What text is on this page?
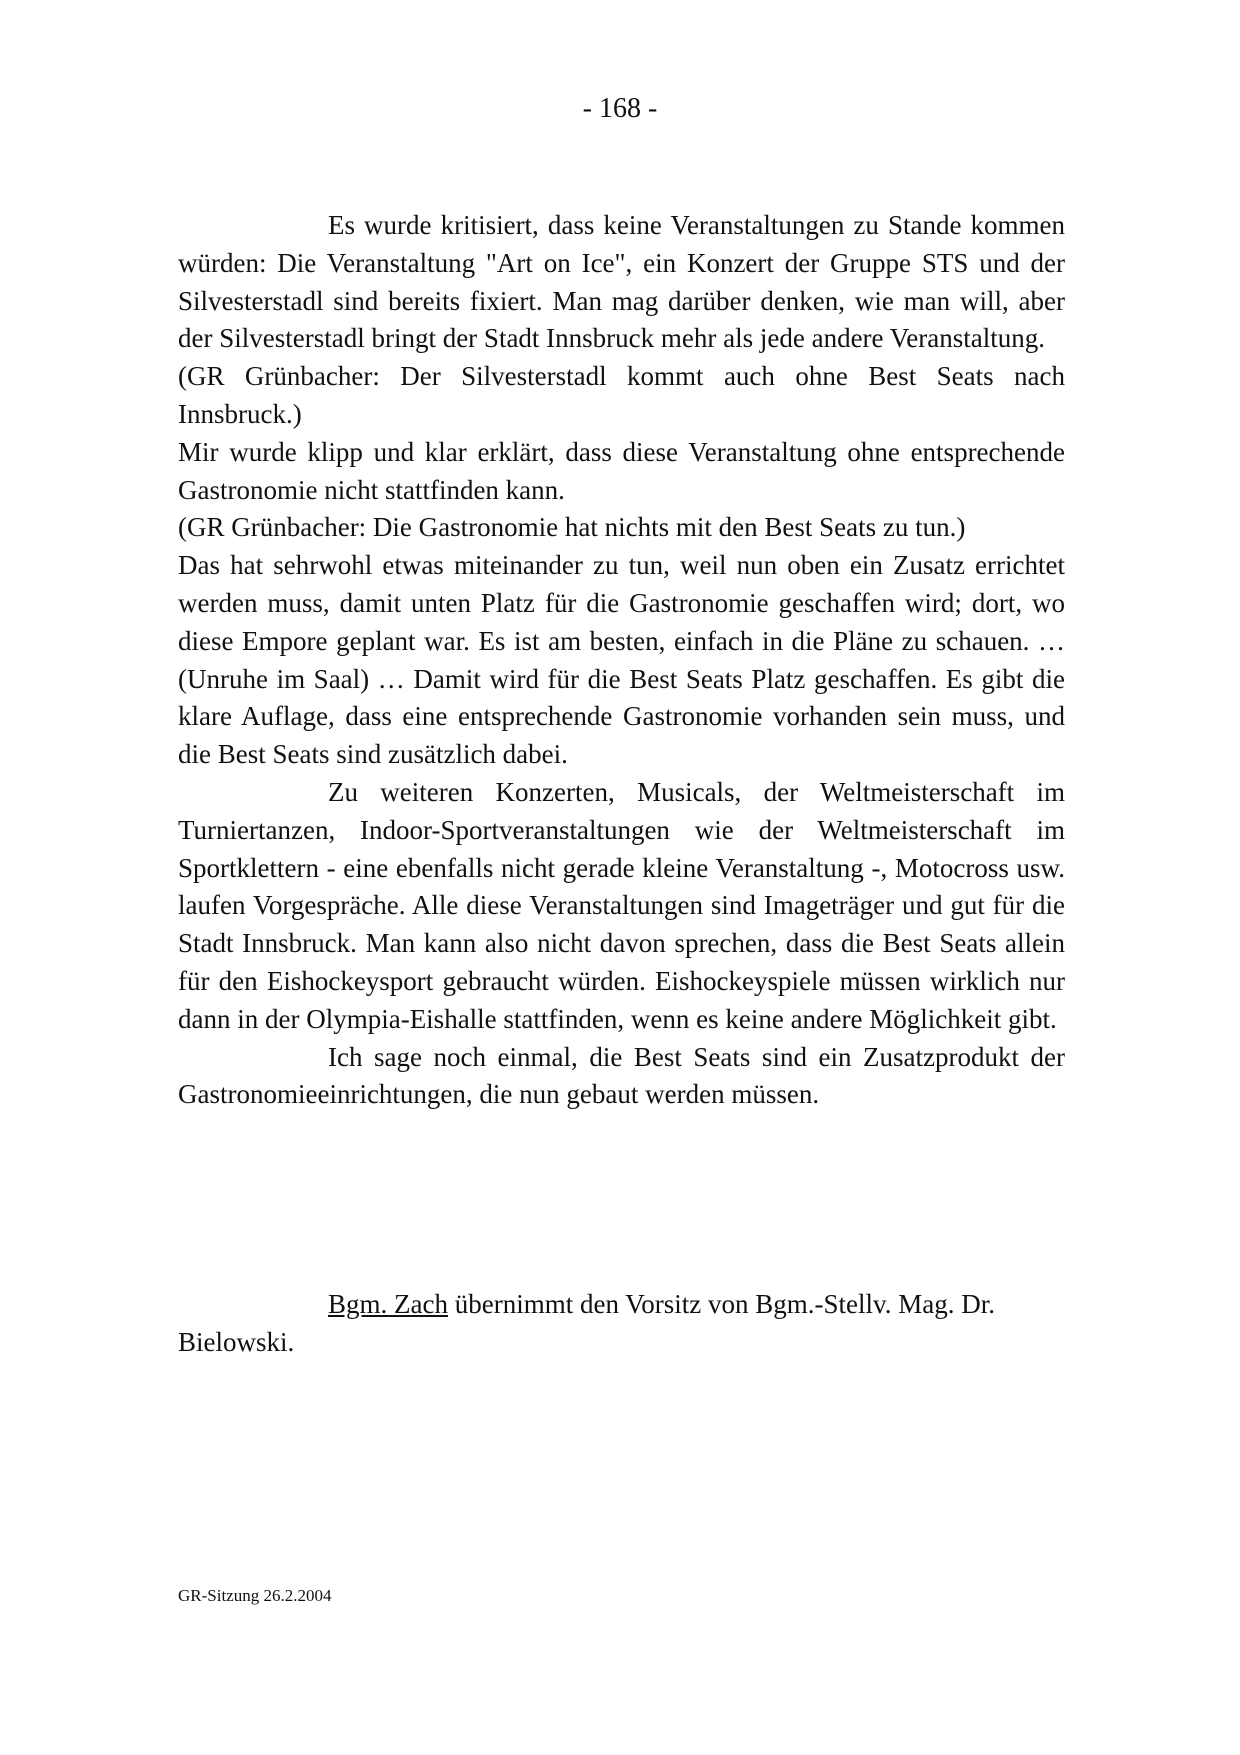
- 168 -

Es wurde kritisiert, dass keine Veranstaltungen zu Stande kommen würden: Die Veranstaltung "Art on Ice", ein Konzert der Gruppe STS und der Silvesterstadl sind bereits fixiert. Man mag darüber denken, wie man will, aber der Silvesterstadl bringt der Stadt Innsbruck mehr als jede andere Veranstaltung.

(GR Grünbacher: Der Silvesterstadl kommt auch ohne Best Seats nach Innsbruck.)

Mir wurde klipp und klar erklärt, dass diese Veranstaltung ohne entsprechende Gastronomie nicht stattfinden kann.

(GR Grünbacher: Die Gastronomie hat nichts mit den Best Seats zu tun.)

Das hat sehrwohl etwas miteinander zu tun, weil nun oben ein Zusatz errichtet werden muss, damit unten Platz für die Gastronomie geschaffen wird; dort, wo diese Empore geplant war. Es ist am besten, einfach in die Pläne zu schauen. … (Unruhe im Saal) … Damit wird für die Best Seats Platz geschaffen. Es gibt die klare Auflage, dass eine entsprechende Gastronomie vorhanden sein muss, und die Best Seats sind zusätzlich dabei.

Zu weiteren Konzerten, Musicals, der Weltmeisterschaft im Turniertanzen, Indoor-Sportveranstaltungen wie der Weltmeisterschaft im Sportklettern - eine ebenfalls nicht gerade kleine Veranstaltung -, Motocross usw. laufen Vorgespräche. Alle diese Veranstaltungen sind Imageträger und gut für die Stadt Innsbruck. Man kann also nicht davon sprechen, dass die Best Seats allein für den Eishockeysport gebraucht würden. Eishockeyspiele müssen wirklich nur dann in der Olympia-Eishalle stattfinden, wenn es keine andere Möglichkeit gibt.

Ich sage noch einmal, die Best Seats sind ein Zusatzprodukt der Gastronomieeinrichtungen, die nun gebaut werden müssen.

Bgm. Zach übernimmt den Vorsitz von Bgm.-Stellv. Mag. Dr. Bielowski.

GR-Sitzung 26.2.2004
